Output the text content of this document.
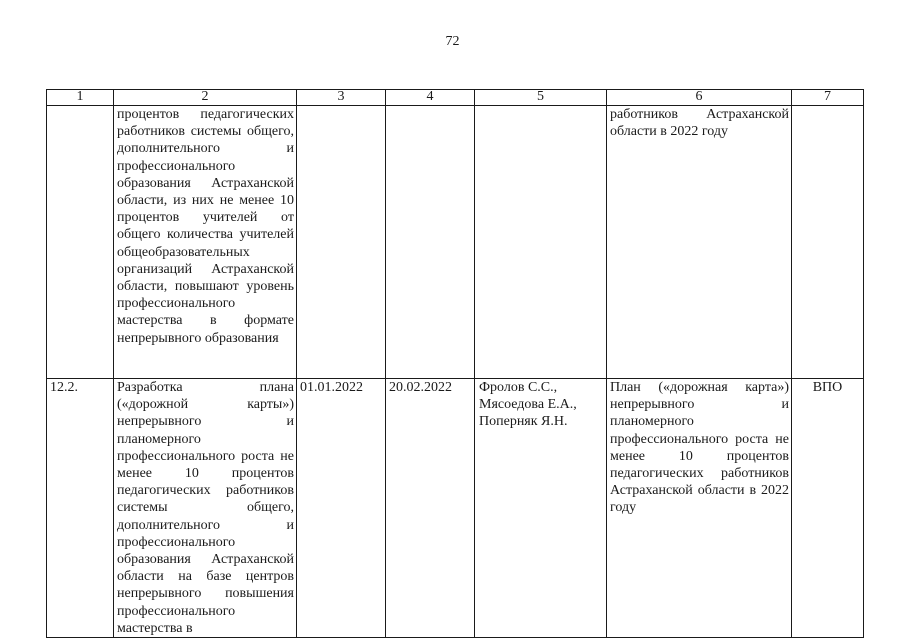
72
1	2	3	4	5	6	7
	процентов педагогических работников системы общего, дополнительного и профессионального образования Астраханской области, из них не менее 10 процентов учителей от общего количества учителей общеобразовательных организаций Астраханской области, повышают уровень профессионального мастерства в формате непрерывного образования				работников Астраханской области в 2022 году	
12.2.	Разработка плана («дорожной карты») непрерывного и планомерного профессионального роста не менее 10 процентов педагогических работников системы общего, дополнительного и профессионального образования Астраханской области на базе центров непрерывного повышения профессионального мастерства в	01.01.2022	20.02.2022	Фролов С.С., Мясоедова Е.А., Поперняк Я.Н.	План («дорожная карта») непрерывного и планомерного профессионального роста не менее 10 процентов педагогических работников Астраханской области в 2022 году	ВПО
